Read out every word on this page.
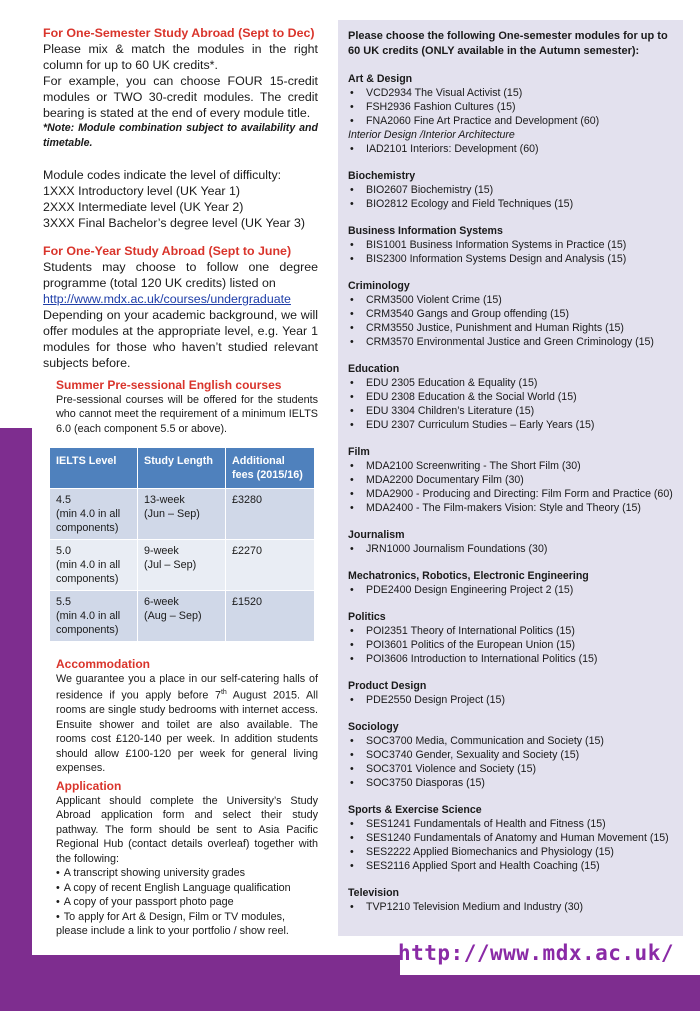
http://www.mdx.ac.uk/
For One-Semester Study Abroad (Sept to Dec)

Please mix & match the modules in the right column for up to 60 UK credits*.

For example, you can choose FOUR 15-credit modules or TWO 30-credit modules. The credit bearing is stated at the end of every module title.

*Note: Module combination subject to availability and timetable.

Module codes indicate the level of difficulty:
1XXX Introductory level (UK Year 1)
2XXX Intermediate level (UK Year 2)
3XXX Final Bachelor’s degree level (UK Year 3)
For One-Year Study Abroad (Sept to June)

Students may choose to follow one degree programme (total 120 UK credits) listed on

http://www.mdx.ac.uk/courses/undergraduate

Depending on your academic background, we will offer modules at the appropriate level, e.g. Year 1 modules for those who haven’t studied relevant subjects before.

Summer Pre-sessional English courses

Pre-sessional courses will be offered for the students who cannot meet the requirement of a minimum IELTS 6.0 (each component 5.5 or above).

IELTS Level	Study Length	Additional fees (2015/16)
4.5
(min 4.0 in all components)	13-week
(Jun – Sep)	£3280
5.0
(min 4.0 in all components)	9-week
(Jul – Sep)	£2270
5.5
(min 4.0 in all components)	6-week
(Aug – Sep)	£1520
Accommodation

We guarantee you a place in our self-catering halls of residence if you apply before 7th August 2015. All rooms are single study bedrooms with internet access. Ensuite shower and toilet are also available. The rooms cost £120-140 per week. In addition students should allow £100-120 per week for general living expenses.

Application

Applicant should complete the University’s Study Abroad application form and select their study pathway. The form should be sent to Asia Pacific Regional Hub (contact details overleaf) together with the following:

• A transcript showing university grades
• A copy of recent English Language qualification
• A copy of your passport photo page
• To apply for Art & Design, Film or TV modules, please include a link to your portfolio / show reel.

Please choose the following One-semester modules for up to 60 UK credits (ONLY available in the Autumn semester):

Art & Design
• VCD2934 The Visual Activist (15)
• FSH2936 Fashion Cultures (15)
• FNA2060 Fine Art Practice and Development (60)
Interior Design /Interior Architecture
• IAD2101 Interiors: Development (60)
Biochemistry
• BIO2607 Biochemistry (15)
• BIO2812 Ecology and Field Techniques (15)
Business Information Systems
• BIS1001 Business Information Systems in Practice (15)
• BIS2300 Information Systems Design and Analysis (15)
Criminology
• CRM3500 Violent Crime (15)
• CRM3540 Gangs and Group offending (15)
• CRM3550 Justice, Punishment and Human Rights (15)
• CRM3570 Environmental Justice and Green Criminology (15)
Education
• EDU 2305 Education & Equality (15)
• EDU 2308 Education & the Social World (15)
• EDU 3304 Children’s Literature (15)
• EDU 2307 Curriculum Studies – Early Years (15)
Film
• MDA2100 Screenwriting - The Short Film (30)
• MDA2200 Documentary Film (30)
• MDA2900 - Producing and Directing: Film Form and Practice (60)
• MDA2400 - The Film-makers Vision: Style and Theory (15)
Journalism
• JRN1000 Journalism Foundations (30)
Mechatronics, Robotics, Electronic Engineering
• PDE2400 Design Engineering Project 2 (15)
Politics
• POI2351 Theory of International Politics (15)
• POI3601 Politics of the European Union (15)
• POI3606 Introduction to International Politics (15)
Product Design
• PDE2550 Design Project (15)
Sociology
• SOC3700 Media, Communication and Society (15)
• SOC3740 Gender, Sexuality and Society (15)
• SOC3701 Violence and Society (15)
• SOC3750 Diasporas (15)
Sports & Exercise Science
• SES1241 Fundamentals of Health and Fitness (15)
• SES1240 Fundamentals of Anatomy and Human Movement (15)
• SES2222 Applied Biomechanics and Physiology (15)
• SES2116 Applied Sport and Health Coaching (15)
Television
• TVP1210 Television Medium and Industry (30)
